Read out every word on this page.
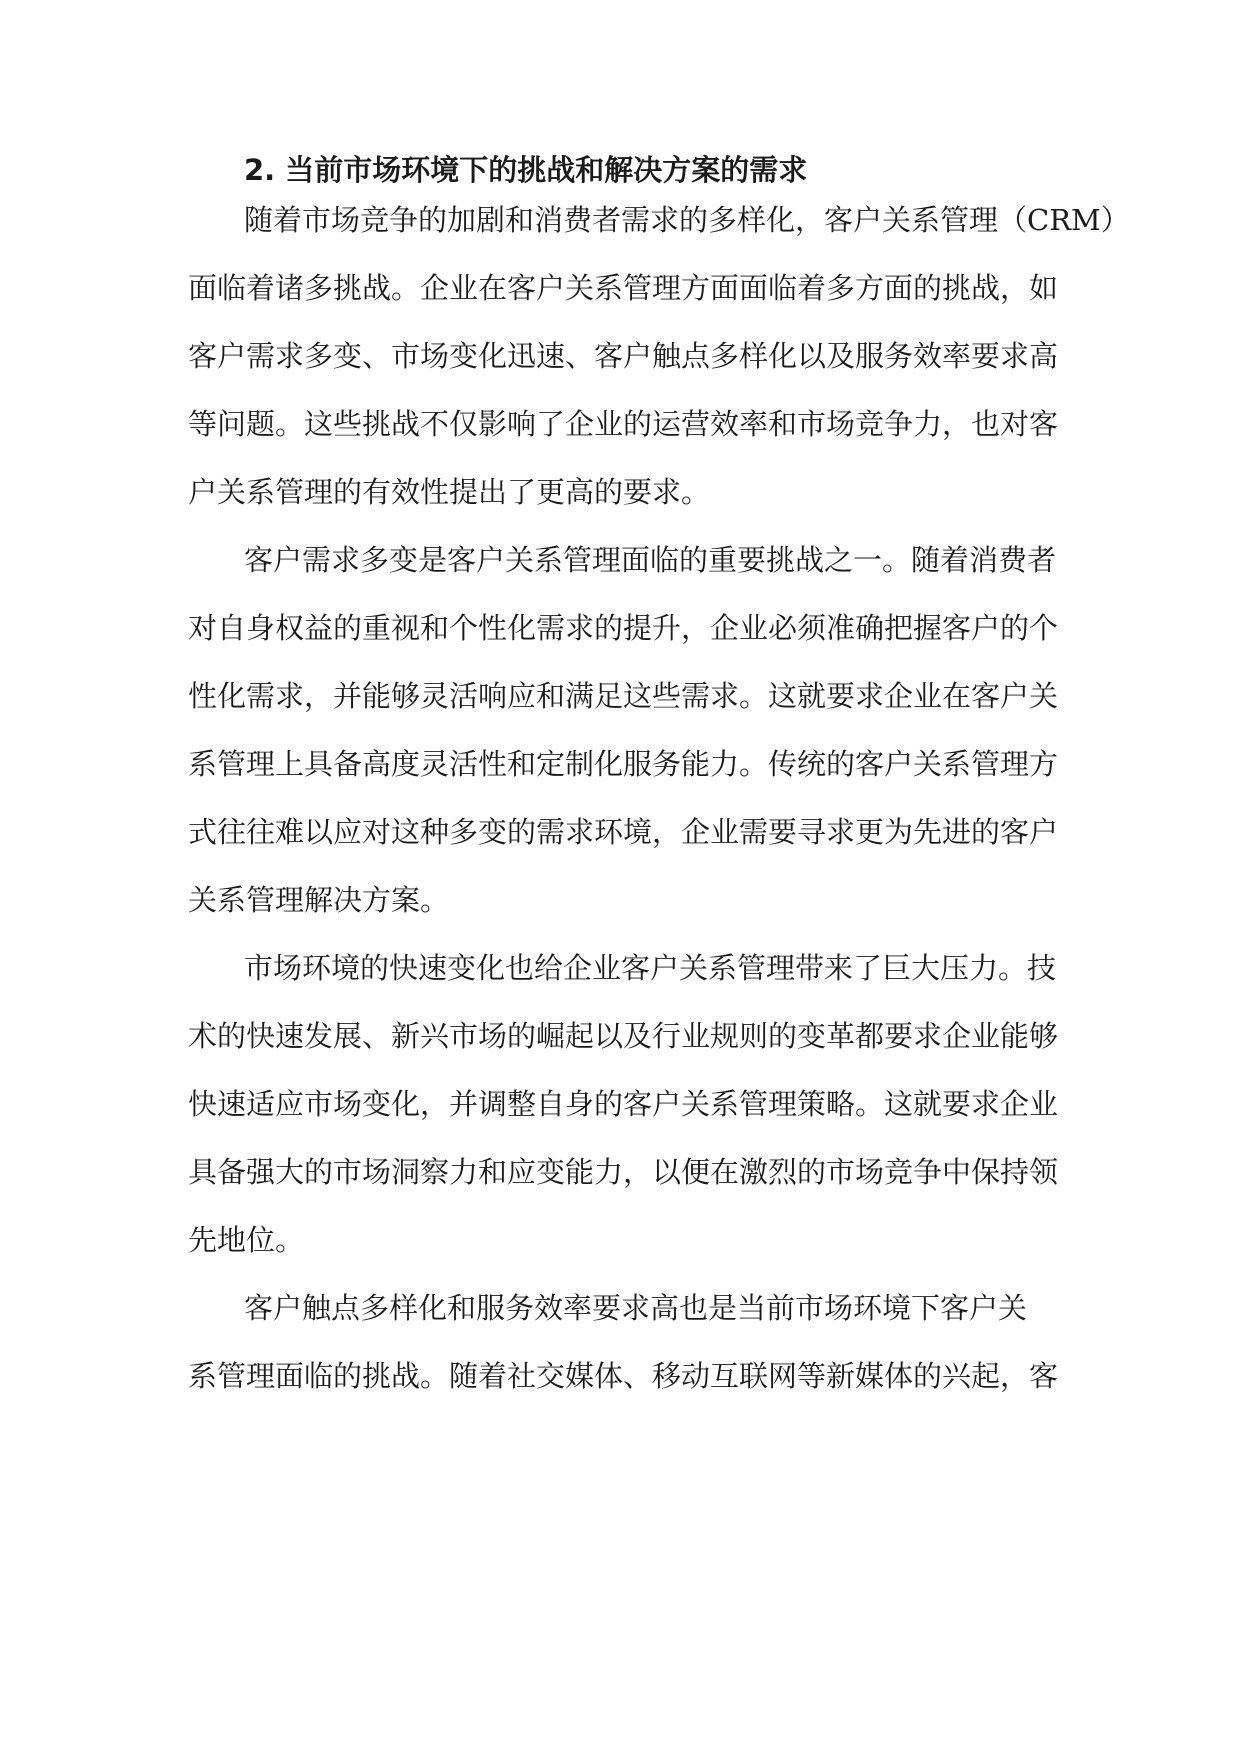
2. 当前市场环境下的挑战和解决方案的需求
随着市场竞争的加剧和消费者需求的多样化，客户关系管理（CRM）
面临着诸多挑战。企业在客户关系管理方面面临着多方面的挑战，如
客户需求多变、市场变化迅速、客户触点多样化以及服务效率要求高
等问题。这些挑战不仅影响了企业的运营效率和市场竞争力，也对客
户关系管理的有效性提出了更高的要求。
客户需求多变是客户关系管理面临的重要挑战之一。随着消费者
对自身权益的重视和个性化需求的提升，企业必须准确把握客户的个
性化需求，并能够灵活响应和满足这些需求。这就要求企业在客户关
系管理上具备高度灵活性和定制化服务能力。传统的客户关系管理方
式往往难以应对这种多变的需求环境，企业需要寻求更为先进的客户
关系管理解决方案。
市场环境的快速变化也给企业客户关系管理带来了巨大压力。技
术的快速发展、新兴市场的崛起以及行业规则的变革都要求企业能够
快速适应市场变化，并调整自身的客户关系管理策略。这就要求企业
具备强大的市场洞察力和应变能力，以便在激烈的市场竞争中保持领
先地位。
客户触点多样化和服务效率要求高也是当前市场环境下客户关
系管理面临的挑战。随着社交媒体、移动互联网等新媒体的兴起，客
